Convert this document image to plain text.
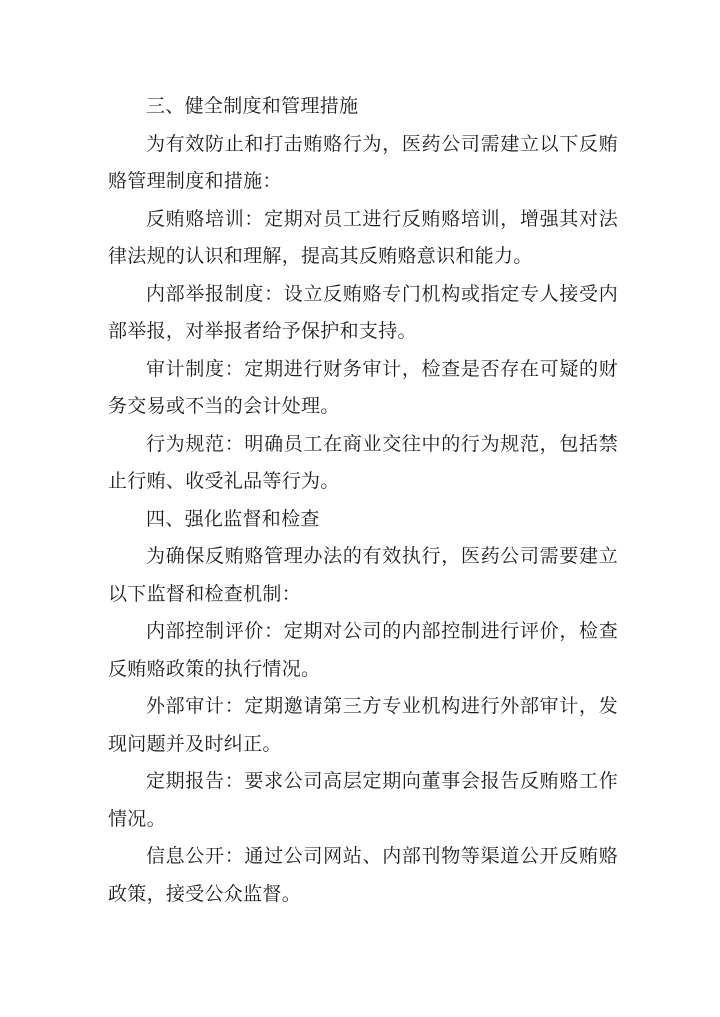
三、健全制度和管理措施

为有效防止和打击贿赂行为，医药公司需建立以下反贿赂管理制度和措施：

反贿赂培训：定期对员工进行反贿赂培训，增强其对法律法规的认识和理解，提高其反贿赂意识和能力。

内部举报制度：设立反贿赂专门机构或指定专人接受内部举报，对举报者给予保护和支持。

审计制度：定期进行财务审计，检查是否存在可疑的财务交易或不当的会计处理。

行为规范：明确员工在商业交往中的行为规范，包括禁止行贿、收受礼品等行为。

四、强化监督和检查

为确保反贿赂管理办法的有效执行，医药公司需要建立以下监督和检查机制：

内部控制评价：定期对公司的内部控制进行评价，检查反贿赂政策的执行情况。

外部审计：定期邀请第三方专业机构进行外部审计，发现问题并及时纠正。

定期报告：要求公司高层定期向董事会报告反贿赂工作情况。

信息公开：通过公司网站、内部刊物等渠道公开反贿赂政策，接受公众监督。
